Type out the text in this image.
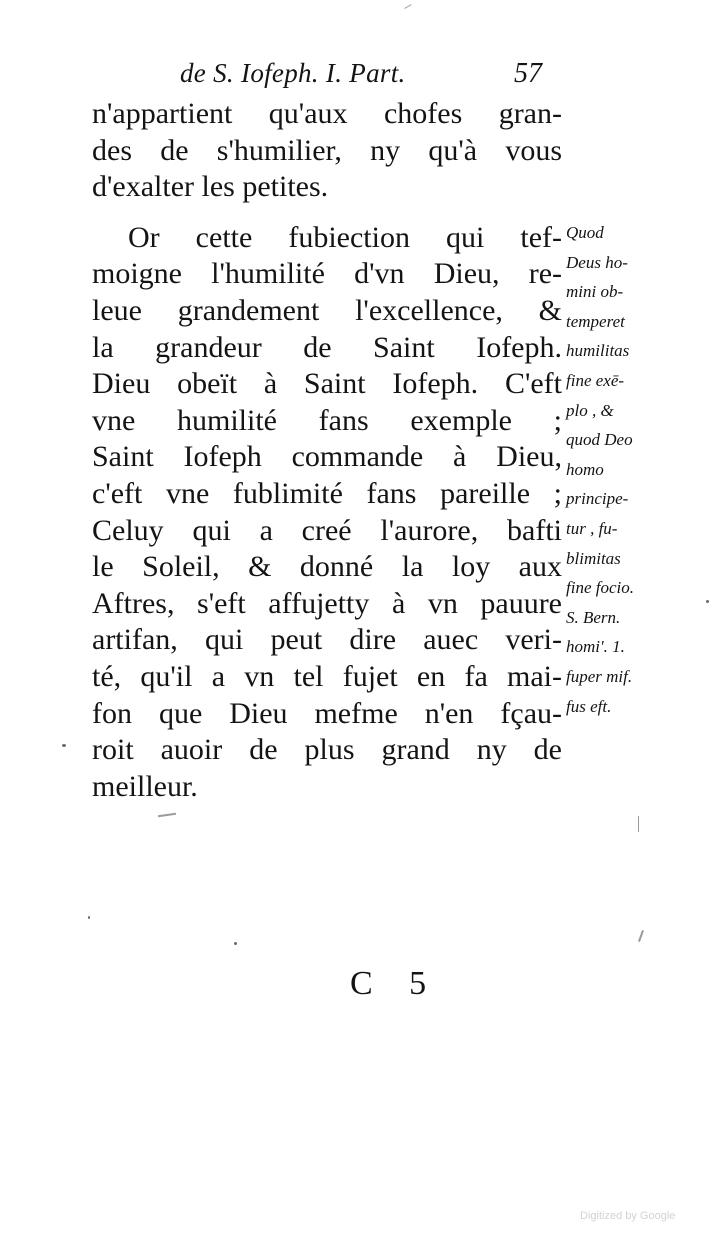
de S. Iofeph. I. Part.	57
n'appartient qu'aux chofes gran-
des de s'humilier, ny qu'à vous
d'exalter les petites.
Or cette fubiection qui tef-
moigne l'humilité d'vn Dieu, re-
leue grandement l'excellence, &
la grandeur de Saint Iofeph.
Dieu obeït à Saint Iofeph. C'eft
vne humilité fans exemple ;
Saint Iofeph commande à Dieu,
c'eft vne fublimité fans pareille ;
Celuy qui a creé l'aurore, bafti
le Soleil, & donné la loy aux
Aftres, s'eft affujetty à vn pauure
artifan, qui peut dire auec veri-
té, qu'il a vn tel fujet en fa mai-
fon que Dieu mefme n'en fçau-
roit auoir de plus grand ny de
meilleur.
Quod
Deus ho-
mini ob-
temperet
humilitas
fine exē-
plo , &
quod Deo
homo
principe-
tur , fu-
blimitas
fine focio.
S. Bern.
homi'. 1.
fuper mif.
fus eft.
C 5
Digitized by Google
